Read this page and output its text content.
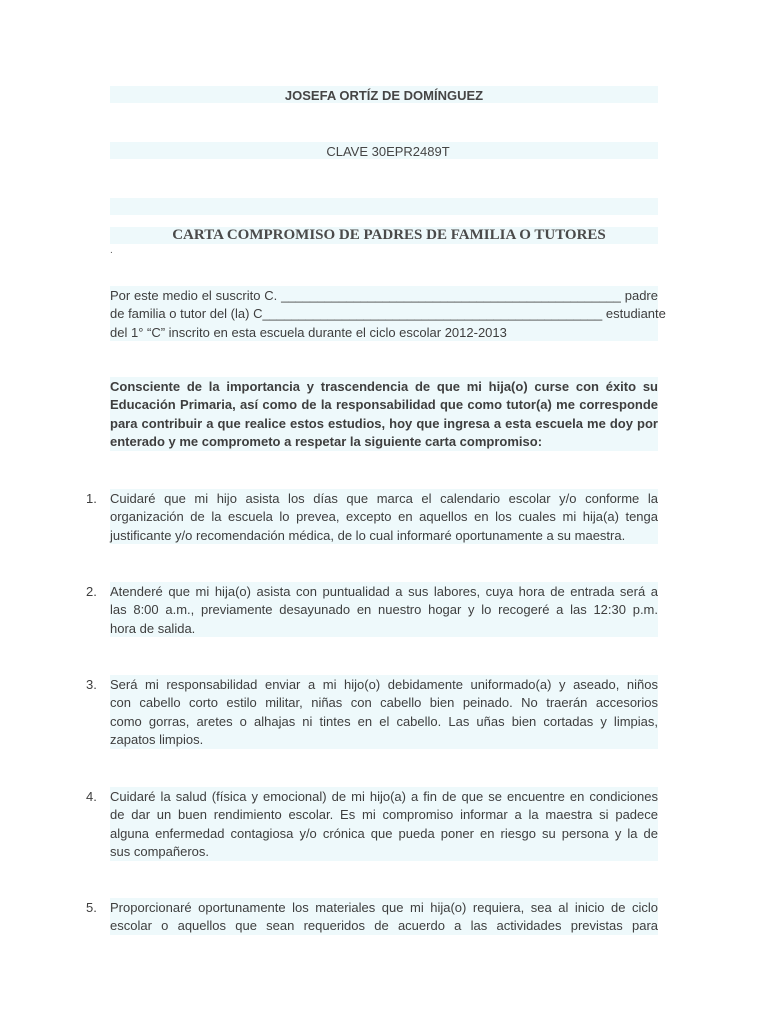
JOSEFA ORTÍZ DE DOMÍNGUEZ
CLAVE 30EPR2489T
CARTA COMPROMISO DE PADRES DE FAMILIA O TUTORES
.
Por este medio el suscrito C. _______________________________________________ padre
de familia o tutor del (la) C_______________________________________________ estudiante
del 1° “C” inscrito en esta escuela durante el ciclo escolar 2012-2013
Consciente de la importancia y trascendencia de que mi hija(o) curse con éxito su
Educación Primaria, así como de la responsabilidad que como tutor(a) me corresponde
para contribuir a que realice estos estudios, hoy que ingresa a esta escuela me doy por
enterado y me comprometo a respetar la siguiente carta compromiso:
1. Cuidaré que mi hijo asista los días que marca el calendario escolar y/o conforme la
organización de la escuela lo prevea, excepto en aquellos en los cuales mi hija(a) tenga
justificante y/o recomendación médica, de lo cual informaré oportunamente a su maestra.
2. Atenderé que mi hija(o) asista con puntualidad a sus labores, cuya hora de entrada será a
las 8:00 a.m., previamente desayunado en nuestro hogar y lo recogeré a las 12:30 p.m.
hora de salida.
3. Será mi responsabilidad enviar a mi hijo(o) debidamente uniformado(a) y aseado, niños
con cabello corto estilo militar, niñas con cabello bien peinado. No traerán accesorios
como gorras, aretes o alhajas ni tintes en el cabello. Las uñas bien cortadas y limpias,
zapatos limpios.
4. Cuidaré la salud (física y emocional) de mi hijo(a) a fin de que se encuentre en condiciones
de dar un buen rendimiento escolar. Es mi compromiso informar a la maestra si padece
alguna enfermedad contagiosa y/o crónica que pueda poner en riesgo su persona y la de
sus compañeros.
5. Proporcionaré oportunamente los materiales que mi hija(o) requiera, sea al inicio de ciclo
escolar o aquellos que sean requeridos de acuerdo a las actividades previstas para
